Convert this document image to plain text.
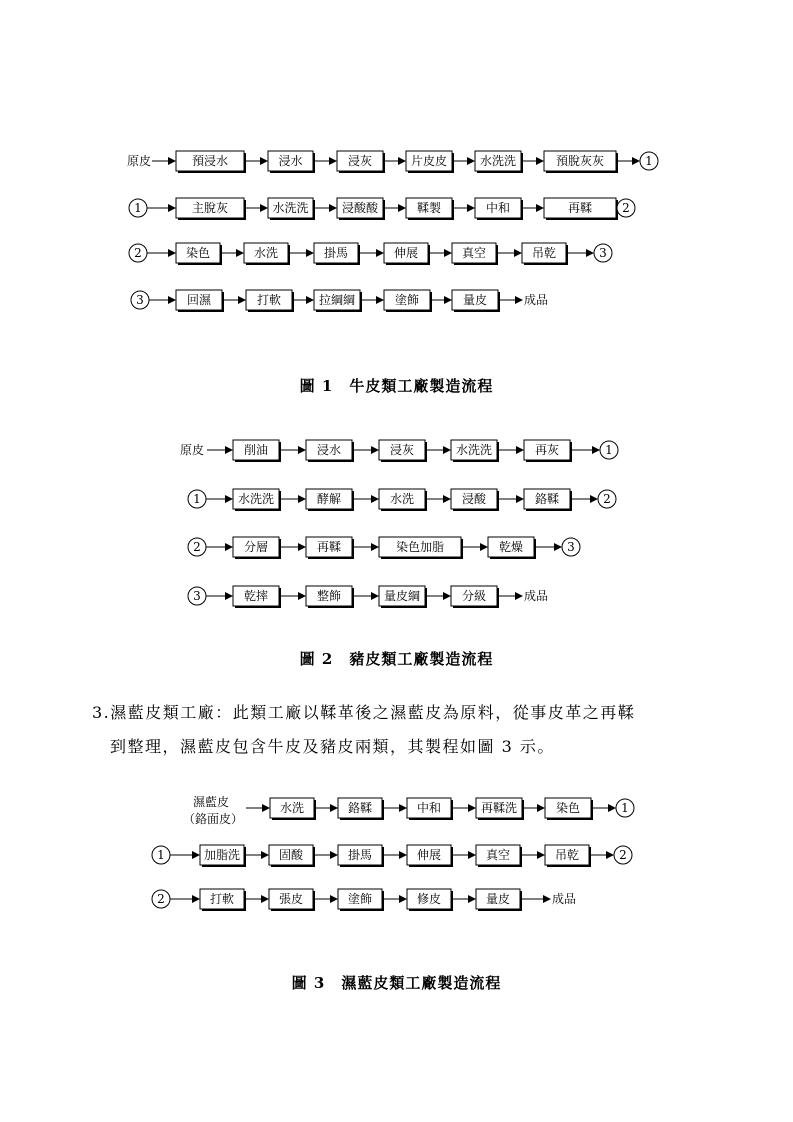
原皮	預浸水	浸水	浸灰	片皮皮	水洗洗	預脫灰灰	1
1	主脫灰	水洗洗	浸酸酸	鞣製	中和	再鞣	2
2	染色	水洗	掛馬	伸展	真空	吊乾	3
3	回濕	打軟	拉綱綱	塗飾	量皮	成品
圖 1　牛皮類工廠製造流程
原皮	削油	浸水	浸灰	水洗洗	再灰	1
1	水洗洗	酵解	水洗	浸酸	鉻鞣	2
2	分層	再鞣	染色加脂	乾燥	3
3	乾摔	整飾	量皮綱	分級	成品
圖 2　豬皮類工廠製造流程
3.濕藍皮類工廠：此類工廠以鞣革後之濕藍皮為原料，從事皮革之再鞣
到整理，濕藍皮包含牛皮及豬皮兩類，其製程如圖 3 示。
濕藍皮
（鉻面皮）
水洗	鉻鞣	中和	再鞣洗	染色	1
1	加脂洗	固酸	掛馬	伸展	真空	吊乾	2
2	打軟	張皮	塗飾	修皮	量皮	成品
圖 3　濕藍皮類工廠製造流程
